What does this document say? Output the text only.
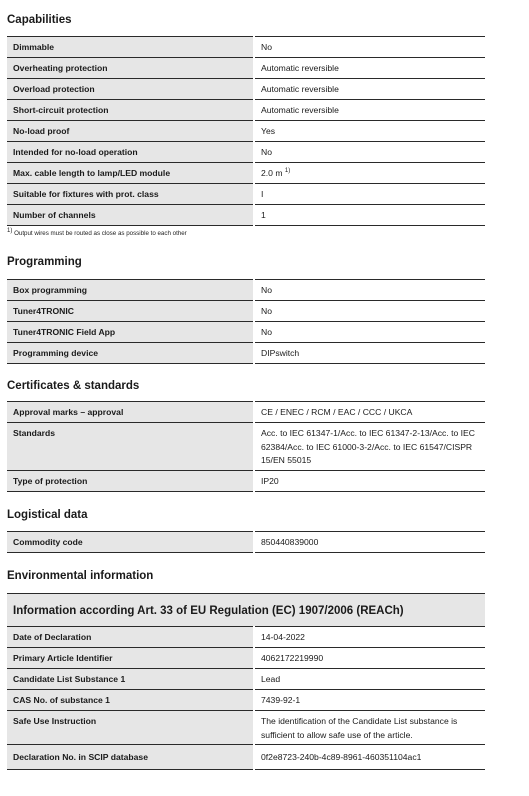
Capabilities
Dimmable	No
Overheating protection	Automatic reversible
Overload protection	Automatic reversible
Short-circuit protection	Automatic reversible
No-load proof	Yes
Intended for no-load operation	No
Max. cable length to lamp/LED module	2.0 m $^{1)}$
Suitable for fixtures with prot. class	I
Number of channels	1
$^{1)}$ Output wires must be routed as close as possible to each other
Programming
Box programming	No
Tuner4TRONIC	No
Tuner4TRONIC Field App	No
Programming device	DIPswitch
Certificates & standards
Approval marks – approval	CE / ENEC / RCM / EAC / CCC / UKCA
Standards	Acc. to IEC 61347-1/Acc. to IEC 61347-2-13/Acc. to IEC 62384/Acc. to IEC 61000-3-2/Acc. to IEC 61547/CISPR 15/EN 55015
Type of protection	IP20
Logistical data
Commodity code	850440839000
Environmental information
Information according Art. 33 of EU Regulation (EC) 1907/2006 (REACh)
Date of Declaration	14-04-2022
Primary Article Identifier	4062172219990
Candidate List Substance 1	Lead
CAS No. of substance 1	7439-92-1
Safe Use Instruction	The identification of the Candidate List substance is sufficient to allow safe use of the article.
Declaration No. in SCIP database	0f2e8723-240b-4c89-8961-460351104ac1
